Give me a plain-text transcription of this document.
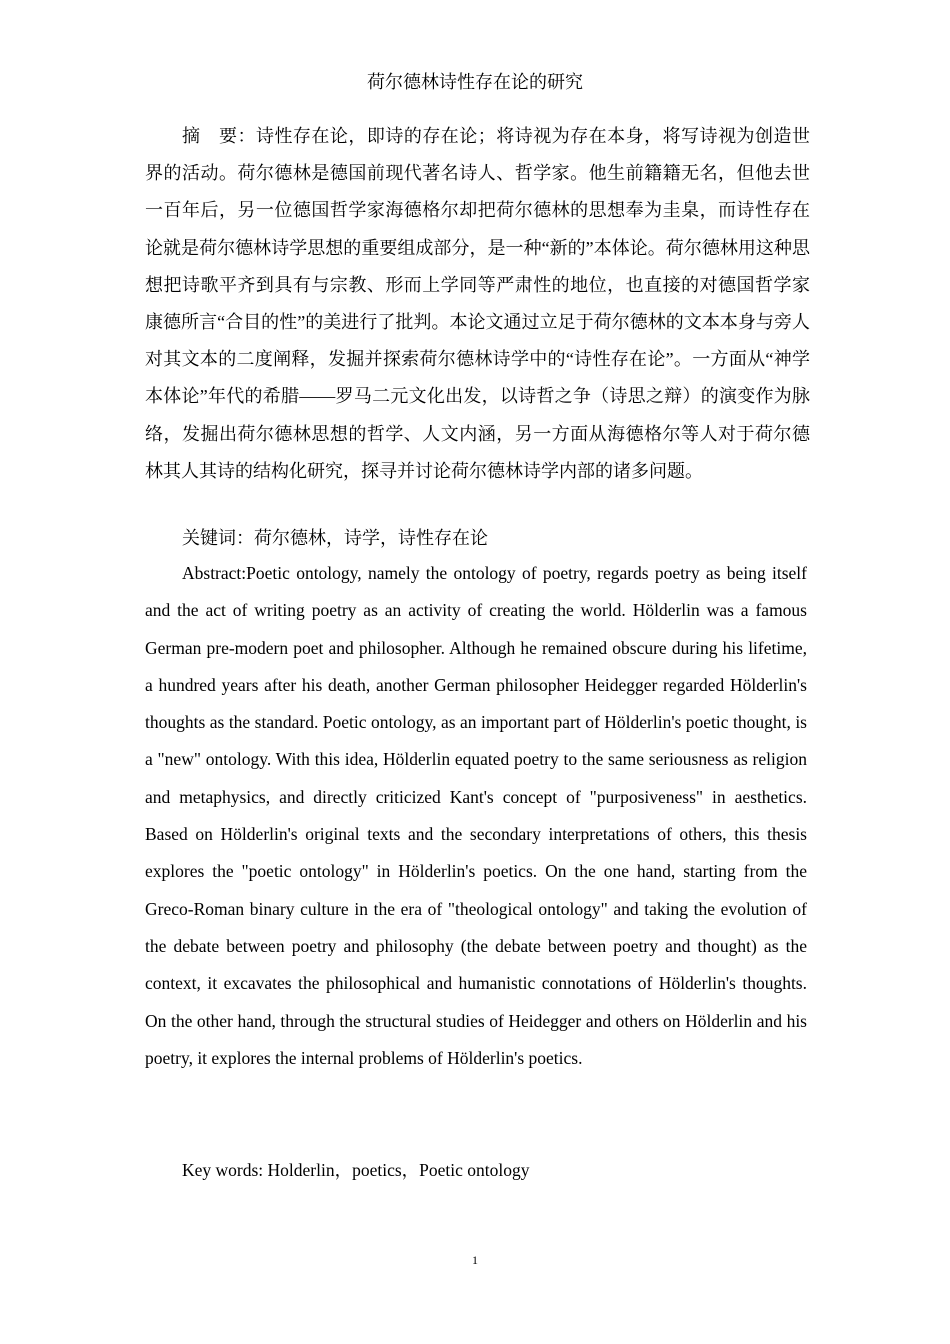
荷尔德林诗性存在论的研究

摘　要：诗性存在论，即诗的存在论；将诗视为存在本身，将写诗视为创造世界的活动。荷尔德林是德国前现代著名诗人、哲学家。他生前籍籍无名，但他去世一百年后，另一位德国哲学家海德格尔却把荷尔德林的思想奉为圭臬，而诗性存在论就是荷尔德林诗学思想的重要组成部分，是一种“新的”本体论。荷尔德林用这种思想把诗歌平齐到具有与宗教、形而上学同等严肃性的地位，也直接的对德国哲学家康德所言“合目的性”的美进行了批判。本论文通过立足于荷尔德林的文本本身与旁人对其文本的二度阐释，发掘并探索荷尔德林诗学中的“诗性存在论”。一方面从“神学本体论”年代的希腊——罗马二元文化出发，以诗哲之争（诗思之辩）的演变作为脉络，发掘出荷尔德林思想的哲学、人文内涵，另一方面从海德格尔等人对于荷尔德林其人其诗的结构化研究，探寻并讨论荷尔德林诗学内部的诸多问题。

关键词：荷尔德林，诗学，诗性存在论

Abstract:Poetic ontology, namely the ontology of poetry, regards poetry as being itself and the act of writing poetry as an activity of creating the world. Hölderlin was a famous German pre-modern poet and philosopher. Although he remained obscure during his lifetime, a hundred years after his death, another German philosopher Heidegger regarded Hölderlin's thoughts as the standard. Poetic ontology, as an important part of Hölderlin's poetic thought, is a "new" ontology. With this idea, Hölderlin equated poetry to the same seriousness as religion and metaphysics, and directly criticized Kant's concept of "purposiveness" in aesthetics. Based on Hölderlin's original texts and the secondary interpretations of others, this thesis explores the "poetic ontology" in Hölderlin's poetics. On the one hand, starting from the Greco-Roman binary culture in the era of "theological ontology" and taking the evolution of the debate between poetry and philosophy (the debate between poetry and thought) as the context, it excavates the philosophical and humanistic connotations of Hölderlin's thoughts. On the other hand, through the structural studies of Heidegger and others on Hölderlin and his poetry, it explores the internal problems of Hölderlin's poetics.

Key words: Holderlin，poetics，Poetic ontology
1
